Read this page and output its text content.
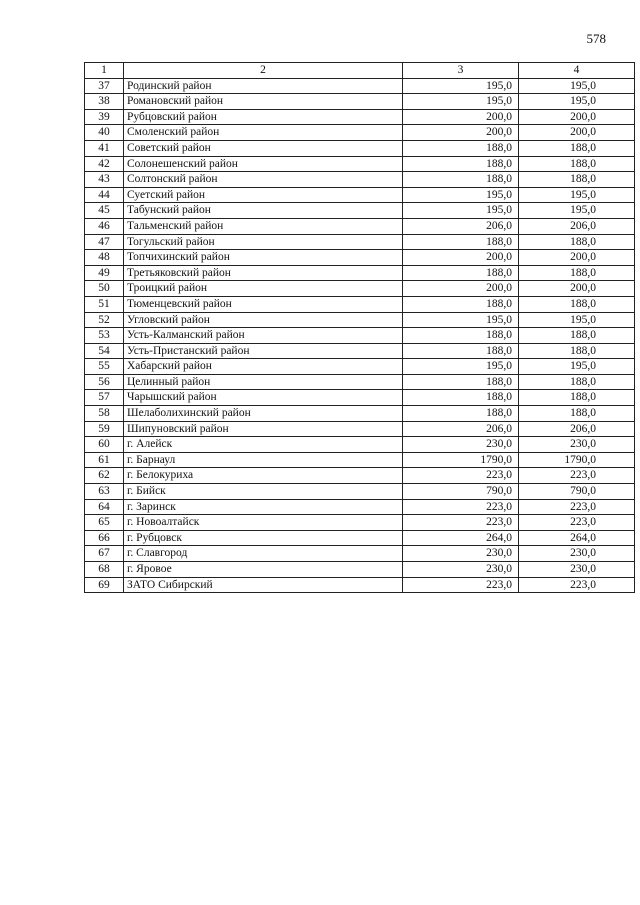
578
1	2	3	4
37	Родинский район	195,0	195,0
38	Романовский район	195,0	195,0
39	Рубцовский район	200,0	200,0
40	Смоленский район	200,0	200,0
41	Советский район	188,0	188,0
42	Солонешенский район	188,0	188,0
43	Солтонский район	188,0	188,0
44	Суетский район	195,0	195,0
45	Табунский район	195,0	195,0
46	Тальменский район	206,0	206,0
47	Тогульский район	188,0	188,0
48	Топчихинский район	200,0	200,0
49	Третьяковский район	188,0	188,0
50	Троицкий район	200,0	200,0
51	Тюменцевский район	188,0	188,0
52	Угловский район	195,0	195,0
53	Усть-Калманский район	188,0	188,0
54	Усть-Пристанский район	188,0	188,0
55	Хабарский район	195,0	195,0
56	Целинный район	188,0	188,0
57	Чарышский район	188,0	188,0
58	Шелаболихинский район	188,0	188,0
59	Шипуновский район	206,0	206,0
60	г. Алейск	230,0	230,0
61	г. Барнаул	1790,0	1790,0
62	г. Белокуриха	223,0	223,0
63	г. Бийск	790,0	790,0
64	г. Заринск	223,0	223,0
65	г. Новоалтайск	223,0	223,0
66	г. Рубцовск	264,0	264,0
67	г. Славгород	230,0	230,0
68	г. Яровое	230,0	230,0
69	ЗАТО Сибирский	223,0	223,0
